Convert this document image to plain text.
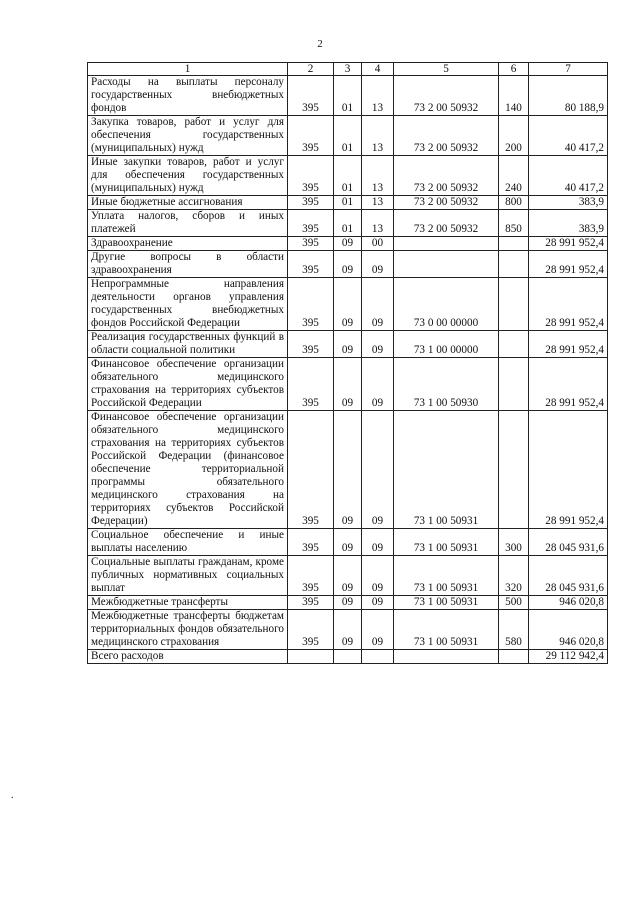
2
1	2	3	4	5	6	7
Расходы на выплаты персоналу государственных внебюджетных фондов	395	01	13	73 2 00 50932	140	80 188,9
Закупка товаров, работ и услуг для обеспечения государственных (муниципальных) нужд	395	01	13	73 2 00 50932	200	40 417,2
Иные закупки товаров, работ и услуг для обеспечения государственных (муниципальных) нужд	395	01	13	73 2 00 50932	240	40 417,2
Иные бюджетные ассигнования	395	01	13	73 2 00 50932	800	383,9
Уплата налогов, сборов и иных платежей	395	01	13	73 2 00 50932	850	383,9
Здравоохранение	395	09	00			28 991 952,4
Другие вопросы в области здравоохранения	395	09	09			28 991 952,4
Непрограммные направления деятельности органов управления государственных внебюджетных фондов Российской Федерации	395	09	09	73 0 00 00000		28 991 952,4
Реализация государственных функций в области социальной политики	395	09	09	73 1 00 00000		28 991 952,4
Финансовое обеспечение организации обязательного медицинского страхования на территориях субъектов Российской Федерации	395	09	09	73 1 00 50930		28 991 952,4
Финансовое обеспечение организации обязательного медицинского страхования на территориях субъектов Российской Федерации (финансовое обеспечение территориальной программы обязательного медицинского страхования на территориях субъектов Российской Федерации)	395	09	09	73 1 00 50931		28 991 952,4
Социальное обеспечение и иные выплаты населению	395	09	09	73 1 00 50931	300	28 045 931,6
Социальные выплаты гражданам, кроме публичных нормативных социальных выплат	395	09	09	73 1 00 50931	320	28 045 931,6
Межбюджетные трансферты	395	09	09	73 1 00 50931	500	946 020,8
Межбюджетные трансферты бюджетам территориальных фондов обязательного медицинского страхования	395	09	09	73 1 00 50931	580	946 020,8
Всего расходов						29 112 942,4
.
